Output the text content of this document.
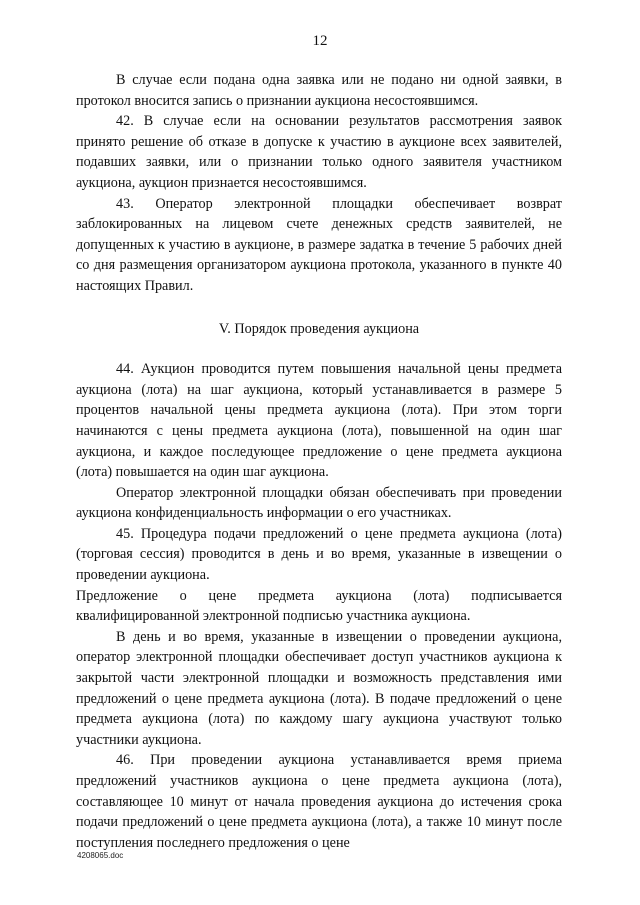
12

В случае если подана одна заявка или не подано ни одной заявки, в протокол вносится запись о признании аукциона несостоявшимся.

42. В случае если на основании результатов рассмотрения заявок принято решение об отказе в допуске к участию в аукционе всех заявителей, подавших заявки, или о признании только одного заявителя участником аукциона, аукцион признается несостоявшимся.

43. Оператор электронной площадки обеспечивает возврат заблокированных на лицевом счете денежных средств заявителей, не допущенных к участию в аукционе, в размере задатка в течение 5 рабочих дней со дня размещения организатором аукциона протокола, указанного в пункте 40 настоящих Правил.

V. Порядок проведения аукциона

44. Аукцион проводится путем повышения начальной цены предмета аукциона (лота) на шаг аукциона, который устанавливается в размере 5 процентов начальной цены предмета аукциона (лота). При этом торги начинаются с цены предмета аукциона (лота), повышенной на один шаг аукциона, и каждое последующее предложение о цене предмета аукциона (лота) повышается на один шаг аукциона.

Оператор электронной площадки обязан обеспечивать при проведении аукциона конфиденциальность информации о его участниках.

45. Процедура подачи предложений о цене предмета аукциона (лота) (торговая сессия) проводится в день и во время, указанные в извещении о проведении аукциона.

Предложение о цене предмета аукциона (лота) подписывается квалифицированной электронной подписью участника аукциона.

В день и во время, указанные в извещении о проведении аукциона, оператор электронной площадки обеспечивает доступ участников аукциона к закрытой части электронной площадки и возможность представления ими предложений о цене предмета аукциона (лота). В подаче предложений о цене предмета аукциона (лота) по каждому шагу аукциона участвуют только участники аукциона.

46. При проведении аукциона устанавливается время приема предложений участников аукциона о цене предмета аукциона (лота), составляющее 10 минут от начала проведения аукциона до истечения срока подачи предложений о цене предмета аукциона (лота), а также 10 минут после поступления последнего предложения о цене

4208065.doc
